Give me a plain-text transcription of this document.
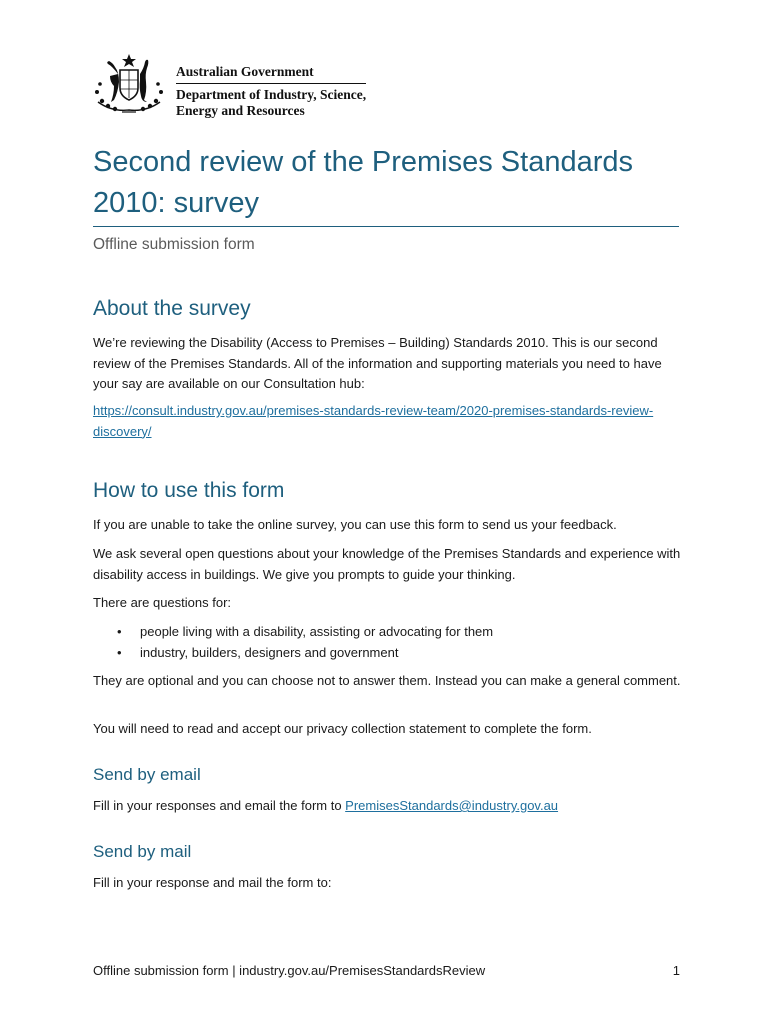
Australian Government
Department of Industry, Science,
Energy and Resources
Second review of the Premises Standards 2010: survey
Offline submission form
About the survey

We’re reviewing the Disability (Access to Premises – Building) Standards 2010. This is our second review of the Premises Standards. All of the information and supporting materials you need to have your say are available on our Consultation hub:

https://consult.industry.gov.au/premises-standards-review-team/2020-premises-standards-review-discovery/

How to use this form

If you are unable to take the online survey, you can use this form to send us your feedback.

We ask several open questions about your knowledge of the Premises Standards and experience with disability access in buildings. We give you prompts to guide your thinking.

There are questions for:

• people living with a disability, assisting or advocating for them
• industry, builders, designers and government

They are optional and you can choose not to answer them. Instead you can make a general comment.

You will need to read and accept our privacy collection statement to complete the form.

Send by email

Fill in your responses and email the form to PremisesStandards@industry.gov.au

Send by mail

Fill in your response and mail the form to:

Offline submission form | industry.gov.au/PremisesStandardsReview	1
